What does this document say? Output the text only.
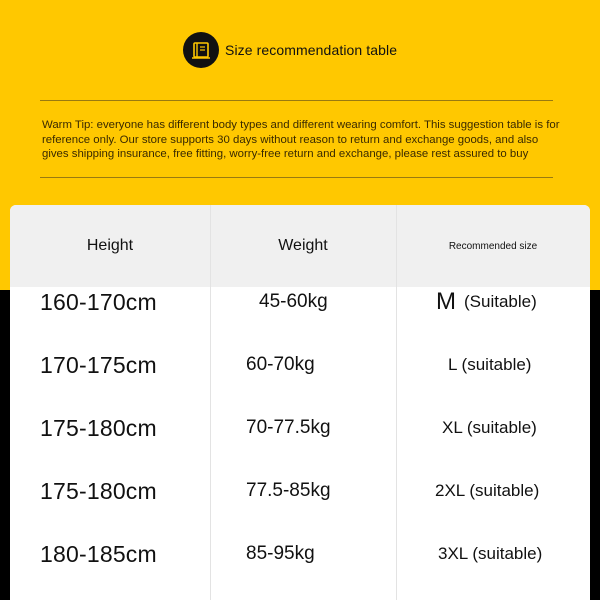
Size recommendation table

Warm Tip: everyone has different body types and different wearing comfort. This suggestion table is for reference only. Our store supports 30 days without reason to return and exchange goods, and also gives shipping insurance, free fitting, worry-free return and exchange, please rest assured to buy

Height	Weight	Recommended size
160-170cm	45-60kg	M (Suitable)
170-175cm	60-70kg	L (suitable)
175-180cm	70-77.5kg	XL (suitable)
175-180cm	77.5-85kg	2XL (suitable)
180-185cm	85-95kg	3XL (suitable)
